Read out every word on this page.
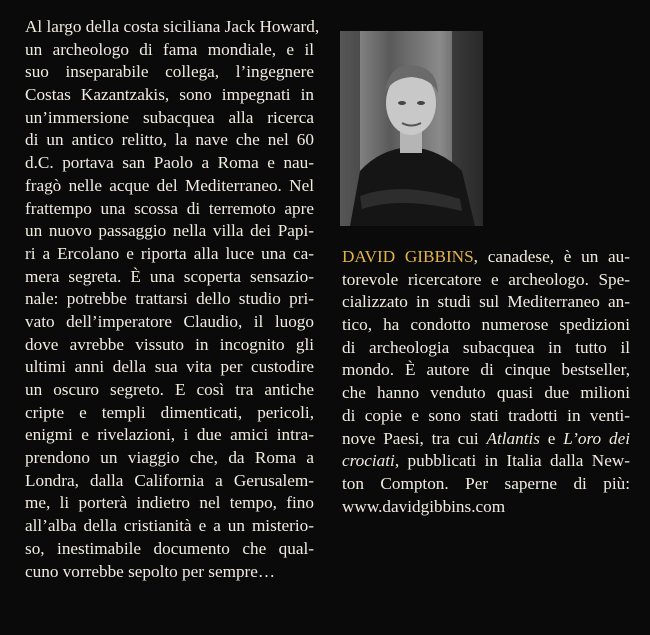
Al largo della costa siciliana Jack Howard,
un archeologo di fama mondiale, e il
suo inseparabile collega, l’ingegnere
Costas Kazantzakis, sono impegnati in
un’immersione subacquea alla ricerca
di un antico relitto, la nave che nel 60
d.C. portava san Paolo a Roma e nau-
fragò nelle acque del Mediterraneo. Nel
frattempo una scossa di terremoto apre
un nuovo passaggio nella villa dei Papi-
ri a Ercolano e riporta alla luce una ca-
mera segreta. È una scoperta sensazio-
nale: potrebbe trattarsi dello studio pri-
vato dell’imperatore Claudio, il luogo
dove avrebbe vissuto in incognito gli
ultimi anni della sua vita per custodire
un oscuro segreto. E così tra antiche
cripte e templi dimenticati, pericoli,
enigmi e rivelazioni, i due amici intra-
prendono un viaggio che, da Roma a
Londra, dalla California a Gerusalem-
me, li porterà indietro nel tempo, fino
all’alba della cristianità e a un misterio-
so, inestimabile documento che qual-
cuno vorrebbe sepolto per sempre…
DAVID GIBBINS, canadese, è un au-
torevole ricercatore e archeologo. Spe-
cializzato in studi sul Mediterraneo an-
tico, ha condotto numerose spedizioni
di archeologia subacquea in tutto il
mondo. È autore di cinque bestseller,
che hanno venduto quasi due milioni
di copie e sono stati tradotti in venti-
nove Paesi, tra cui Atlantis e L’oro dei
crociati, pubblicati in Italia dalla New-
ton Compton. Per saperne di più:
www.davidgibbins.com
